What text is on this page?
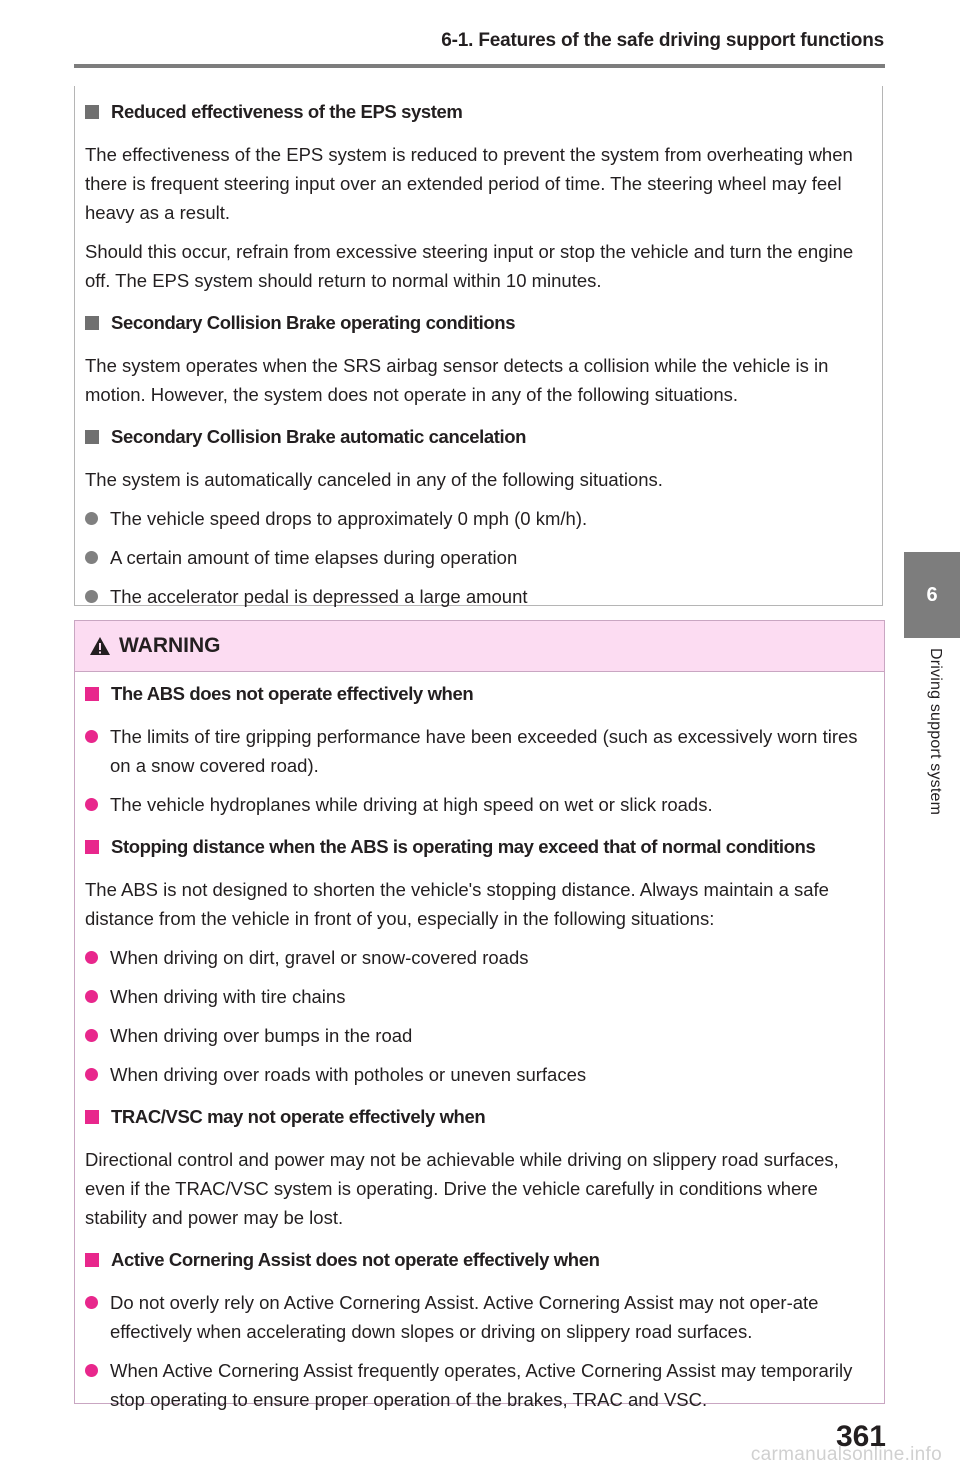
6-1. Features of the safe driving support functions
6
Driving support system
Reduced effectiveness of the EPS system

The effectiveness of the EPS system is reduced to prevent the system from overheating when there is frequent steering input over an extended period of time. The steering wheel may feel heavy as a result.

Should this occur, refrain from excessive steering input or stop the vehicle and turn the engine off. The EPS system should return to normal within 10 minutes.

Secondary Collision Brake operating conditions

The system operates when the SRS airbag sensor detects a collision while the vehicle is in motion. However, the system does not operate in any of the following situations.

Secondary Collision Brake automatic cancelation

The system is automatically canceled in any of the following situations.

The vehicle speed drops to approximately 0 mph (0 km/h).
A certain amount of time elapses during operation
The accelerator pedal is depressed a large amount
WARNING
The ABS does not operate effectively when
The limits of tire gripping performance have been exceeded (such as excessively worn tires on a snow covered road).
The vehicle hydroplanes while driving at high speed on wet or slick roads.
Stopping distance when the ABS is operating may exceed that of normal conditions

The ABS is not designed to shorten the vehicle's stopping distance. Always maintain a safe distance from the vehicle in front of you, especially in the following situations:

When driving on dirt, gravel or snow-covered roads
When driving with tire chains
When driving over bumps in the road
When driving over roads with potholes or uneven surfaces
TRAC/VSC may not operate effectively when

Directional control and power may not be achievable while driving on slippery road surfaces, even if the TRAC/VSC system is operating. Drive the vehicle carefully in conditions where stability and power may be lost.

Active Cornering Assist does not operate effectively when
Do not overly rely on Active Cornering Assist. Active Cornering Assist may not oper-ate effectively when accelerating down slopes or driving on slippery road surfaces.
When Active Cornering Assist frequently operates, Active Cornering Assist may temporarily stop operating to ensure proper operation of the brakes, TRAC and VSC.
361
carmanualsonline.info
